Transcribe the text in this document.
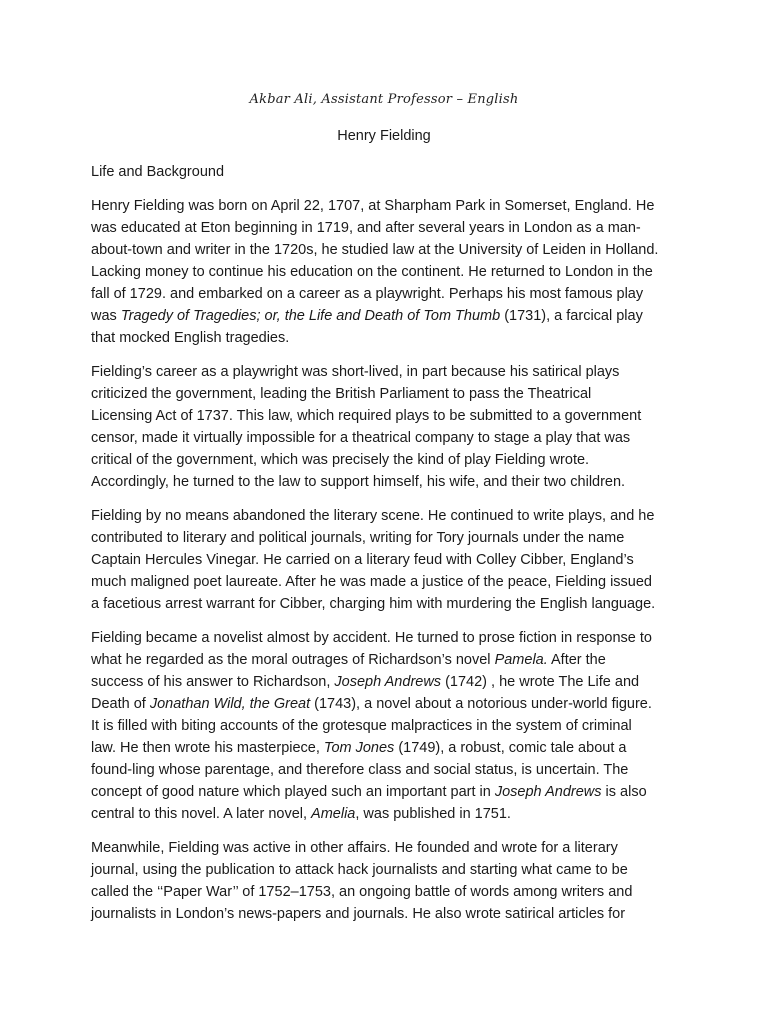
Akbar Ali, Assistant Professor – English
Henry Fielding
Life and Background
Henry Fielding was born on April 22, 1707, at Sharpham Park in Somerset, England. He
was educated at Eton beginning in 1719, and after several years in London as a man-
about-town and writer in the 1720s, he studied law at the University of Leiden in Holland.
Lacking money to continue his education on the continent. He returned to London in the
fall of 1729. and embarked on a career as a playwright. Perhaps his most famous play
was Tragedy of Tragedies; or, the Life and Death of Tom Thumb (1731), a farcical play
that mocked English tragedies.
Fielding’s career as a playwright was short-lived, in part because his satirical plays
criticized the government, leading the British Parliament to pass the Theatrical
Licensing Act of 1737. This law, which required plays to be submitted to a government
censor, made it virtually impossible for a theatrical company to stage a play that was
critical of the government, which was precisely the kind of play Fielding wrote.
Accordingly, he turned to the law to support himself, his wife, and their two children.
Fielding by no means abandoned the literary scene. He continued to write plays, and he
contributed to literary and political journals, writing for Tory journals under the name
Captain Hercules Vinegar. He carried on a literary feud with Colley Cibber, England’s
much maligned poet laureate. After he was made a justice of the peace, Fielding issued
a facetious arrest warrant for Cibber, charging him with murdering the English language.
Fielding became a novelist almost by accident. He turned to prose fiction in response to
what he regarded as the moral outrages of Richardson’s novel Pamela. After the
success of his answer to Richardson, Joseph Andrews (1742) , he wrote The Life and
Death of Jonathan Wild, the Great (1743), a novel about a notorious under-world figure.
It is filled with biting accounts of the grotesque malpractices in the system of criminal
law. He then wrote his masterpiece, Tom Jones (1749), a robust, comic tale about a
found-ling whose parentage, and therefore class and social status, is uncertain. The
concept of good nature which played such an important part in Joseph Andrews is also
central to this novel. A later novel, Amelia, was published in 1751.
Meanwhile, Fielding was active in other affairs. He founded and wrote for a literary
journal, using the publication to attack hack journalists and starting what came to be
called the ‘‘Paper War’’ of 1752–1753, an ongoing battle of words among writers and
journalists in London’s news-papers and journals. He also wrote satirical articles for
